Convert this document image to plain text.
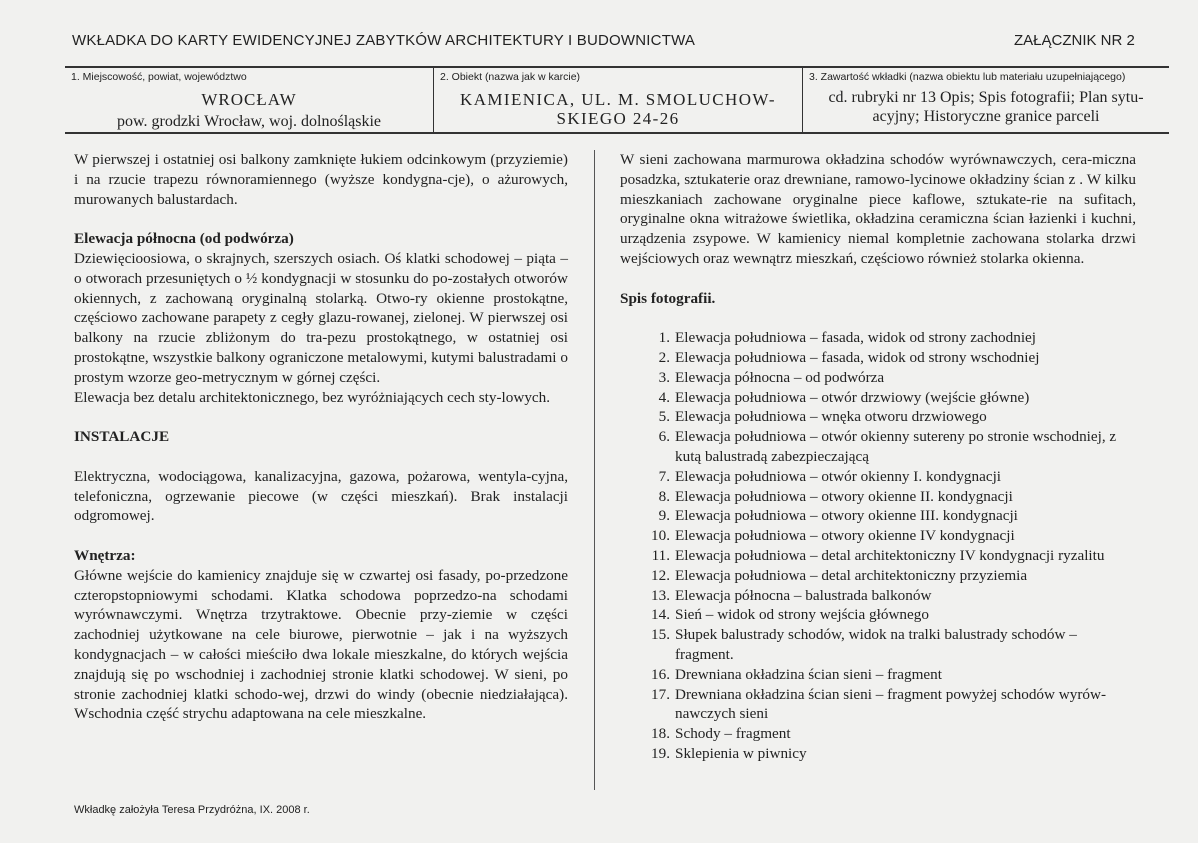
WKŁADKA DO KARTY EWIDENCYJNEJ ZABYTKÓW ARCHITEKTURY I BUDOWNICTWA	ZAŁĄCZNIK NR 2
1. Miejscowość, powiat, województwo
WROCŁAW
pow. grodzki Wrocław, woj. dolnośląskie
2. Obiekt (nazwa jak w karcie)
KAMIENICA, UL. M. SMOLUCHOW-SKIEGO 24-26
3. Zawartość wkładki (nazwa obiektu lub materiału uzupełniającego)
cd. rubryki nr 13 Opis; Spis fotografii; Plan sytu-acyjny; Historyczne granice parceli

W pierwszej i ostatniej osi balkony zamknięte łukiem odcinkowym (przyziemie) i na rzucie trapezu równoramiennego (wyższe kondygna-cje), o ażurowych, murowanych balustardach.

Elewacja północna (od podwórza)

Dziewięcioosiowa, o skrajnych, szerszych osiach. Oś klatki schodowej – piąta – o otworach przesuniętych o ½ kondygnacji w stosunku do po-zostałych otworów okiennych, z zachowaną oryginalną stolarką. Otwo-ry okienne prostokątne, częściowo zachowane parapety z cegły glazu-rowanej, zielonej. W pierwszej osi balkony na rzucie zbliżonym do tra-pezu prostokątnego, w ostatniej osi prostokątne, wszystkie balkony ograniczone metalowymi, kutymi balustradami o prostym wzorze geo-metrycznym w górnej części.

Elewacja bez detalu architektonicznego, bez wyróżniających cech sty-lowych.

INSTALACJE

Elektryczna, wodociągowa, kanalizacyjna, gazowa, pożarowa, wentyla-cyjna, telefoniczna, ogrzewanie piecowe (w części mieszkań). Brak instalacji odgromowej.

Wnętrza:

Główne wejście do kamienicy znajduje się w czwartej osi fasady, po-przedzone czteropstopniowymi schodami. Klatka schodowa poprzedzo-na schodami wyrównawczymi. Wnętrza trzytraktowe. Obecnie przy-ziemie w części zachodniej użytkowane na cele biurowe, pierwotnie – jak i na wyższych kondygnacjach – w całości mieściło dwa lokale mieszkalne, do których wejścia znajdują się po wschodniej i zachodniej stronie klatki schodowej. W sieni, po stronie zachodniej klatki schodo-wej, drzwi do windy (obecnie niedziałająca). Wschodnia część strychu adaptowana na cele mieszkalne.

W sieni zachowana marmurowa okładzina schodów wyrównawczych, cera-miczna posadzka, sztukaterie oraz drewniane, ramowo-lycinowe okładziny ścian z . W kilku mieszkaniach zachowane oryginalne piece kaflowe, sztukate-rie na sufitach, oryginalne okna witrażowe świetlika, okładzina ceramiczna ścian łazienki i kuchni, urządzenia zsypowe. W kamienicy niemal kompletnie zachowana stolarka drzwi wejściowych oraz wewnątrz mieszkań, częściowo również stolarka okienna.

Spis fotografii.

1. Elewacja południowa – fasada, widok od strony zachodniej
2. Elewacja południowa – fasada, widok od strony wschodniej
3. Elewacja północna – od podwórza
4. Elewacja południowa – otwór drzwiowy (wejście główne)
5. Elewacja południowa – wnęka otworu drzwiowego
6. Elewacja południowa – otwór okienny sutereny po stronie wschodniej, z kutą balustradą zabezpieczającą
7. Elewacja południowa – otwór okienny I. kondygnacji
8. Elewacja południowa – otwory okienne II. kondygnacji
9. Elewacja południowa – otwory okienne III. kondygnacji
10. Elewacja południowa – otwory okienne IV kondygnacji
11. Elewacja południowa – detal architektoniczny IV kondygnacji ryzalitu
12. Elewacja południowa – detal architektoniczny przyziemia
13. Elewacja północna – balustrada balkonów
14. Sień – widok od strony wejścia głównego
15. Słupek balustrady schodów, widok na tralki balustrady schodów – fragment.
16. Drewniana okładzina ścian sieni – fragment
17. Drewniana okładzina ścian sieni – fragment powyżej schodów wyrów-nawczych sieni
18. Schody – fragment
19. Sklepienia w piwnicy
Wkładkę założyła Teresa Przydróżna, IX. 2008 r.
